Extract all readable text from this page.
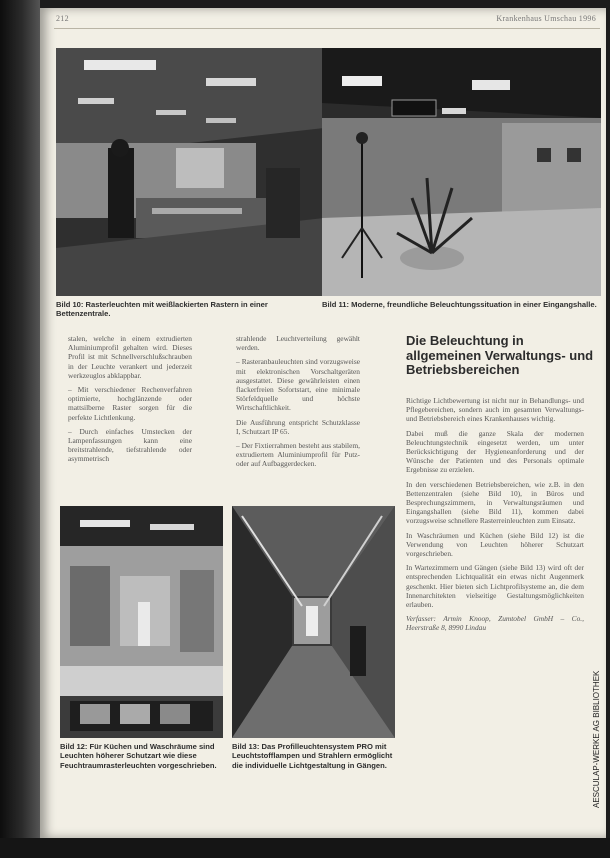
212	Krankenhaus Umschau 1996
Bild 10: Rasterleuchten mit weißlackierten Rastern in einer Bettenzentrale.
Bild 11: Moderne, freundliche Beleuchtungssituation in einer Eingangshalle.

stalen, welche in einem extrudierten Aluminiumprofil gehalten wird. Dieses Profil ist mit Schnellverschlußschrauben in der Leuchte verankert und jederzeit werkzeuglos abklappbar.

– Mit verschiedener Rechenverfahren optimierte, hochglänzende oder mattsilberne Raster sorgen für die perfekte Lichtlenkung.

– Durch einfaches Umstecken der Lampenfassungen kann eine breitstrahlende, tiefstrahlende oder asymmetrisch

strahlende Leuchtverteilung gewählt werden.

– Rasteranbauleuchten sind vorzugsweise mit elektronischen Vorschaltgeräten ausgestattet. Diese gewährleisten einen flackerfreien Sofortstart, eine minimale Störfeldquelle und höchste Wirtschaftlichkeit.

Die Ausführung entspricht Schutzklasse I, Schutzart IP 65.

– Der Fixtierrahmen besteht aus stabilem, extrudiertem Aluminiumprofil für Putz- oder auf Aufbaggerdecken.

Die Beleuchtung in allgemeinen Verwaltungs- und Betriebsbereichen

Richtige Lichtbewertung ist nicht nur in Behandlungs- und Pflegebereichen, sondern auch im gesamten Verwaltungs- und Betriebsbereich eines Krankenhauses wichtig.

Dabei muß die ganze Skala der modernen Beleuchtungstechnik eingesetzt werden, um unter Berücksichtigung der Hygieneanforderung und der Wünsche der Patienten und des Personals optimale Ergebnisse zu erzielen.

In den verschiedenen Betriebsbereichen, wie z.B. in den Bettenzentralen (siehe Bild 10), in Büros und Besprechungszimmern, in Verwaltungsräumen und Eingangshallen (siehe Bild 11), kommen dabei vorzugsweise schnellere Rasterreinleuchten zum Einsatz.

In Waschräumen und Küchen (siehe Bild 12) ist die Verwendung von Leuchten höherer Schutzart vorgeschrieben.

In Wartezimmern und Gängen (siehe Bild 13) wird oft der entsprechenden Lichtqualität ein etwas nicht Augenmerk geschenkt. Hier bieten sich Lichtprofilsysteme an, die dem Innenarchitekten vielseitige Gestaltungsmöglichkeiten erlauben.

Verfasser: Armin Knoop, Zumtobel GmbH – Co., Heerstraße 8, 8990 Lindau

Bild 12: Für Küchen und Waschräume sind Leuchten höherer Schutzart wie diese Feuchtraumrasterleuchten vorgeschrieben.
Bild 13: Das Profilleuchtensystem PRO mit Leuchtstofflampen und Strahlern ermöglicht die individuelle Lichtgestaltung in Gängen.	AESCULAP-WERKE AG BIBLIOTHEK
